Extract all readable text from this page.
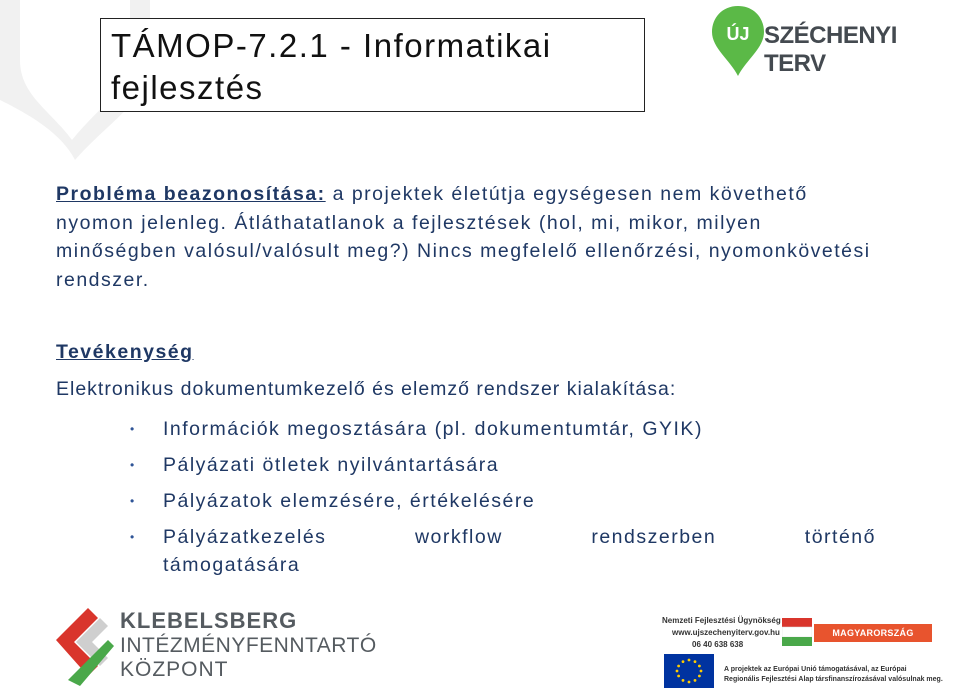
TÁMOP-7.2.1 - Informatikai fejlesztés
ÚJ SZÉCHENYI TERV

Probléma beazonosítása: a projektek életútja egységesen nem követhető nyomon jelenleg. Átláthatatlanok a fejlesztések (hol, mi, mikor, milyen minőségben valósul/valósult meg?) Nincs megfelelő ellenőrzési, nyomonkövetési rendszer.

Tevékenység
Elektronikus dokumentumkezelő és elemző rendszer kialakítása:
• Információk megosztására (pl. dokumentumtár, GYIK)
• Pályázati ötletek nyilvántartására
• Pályázatok elemzésére, értékelésére
• Pályázatkezelés workflow rendszerben történő támogatására
KLEBELSBERG
INTÉZMÉNYFENNTARTÓ
KÖZPONT
Nemzeti Fejlesztési Ügynökség
www.ujszechenyiterv.gov.hu
06 40 638 638
MAGYARORSZÁG MEGÚJUL
A projektek az Európai Unió támogatásával, az Európai
Regionális Fejlesztési Alap társfinanszírozásával valósulnak meg.
